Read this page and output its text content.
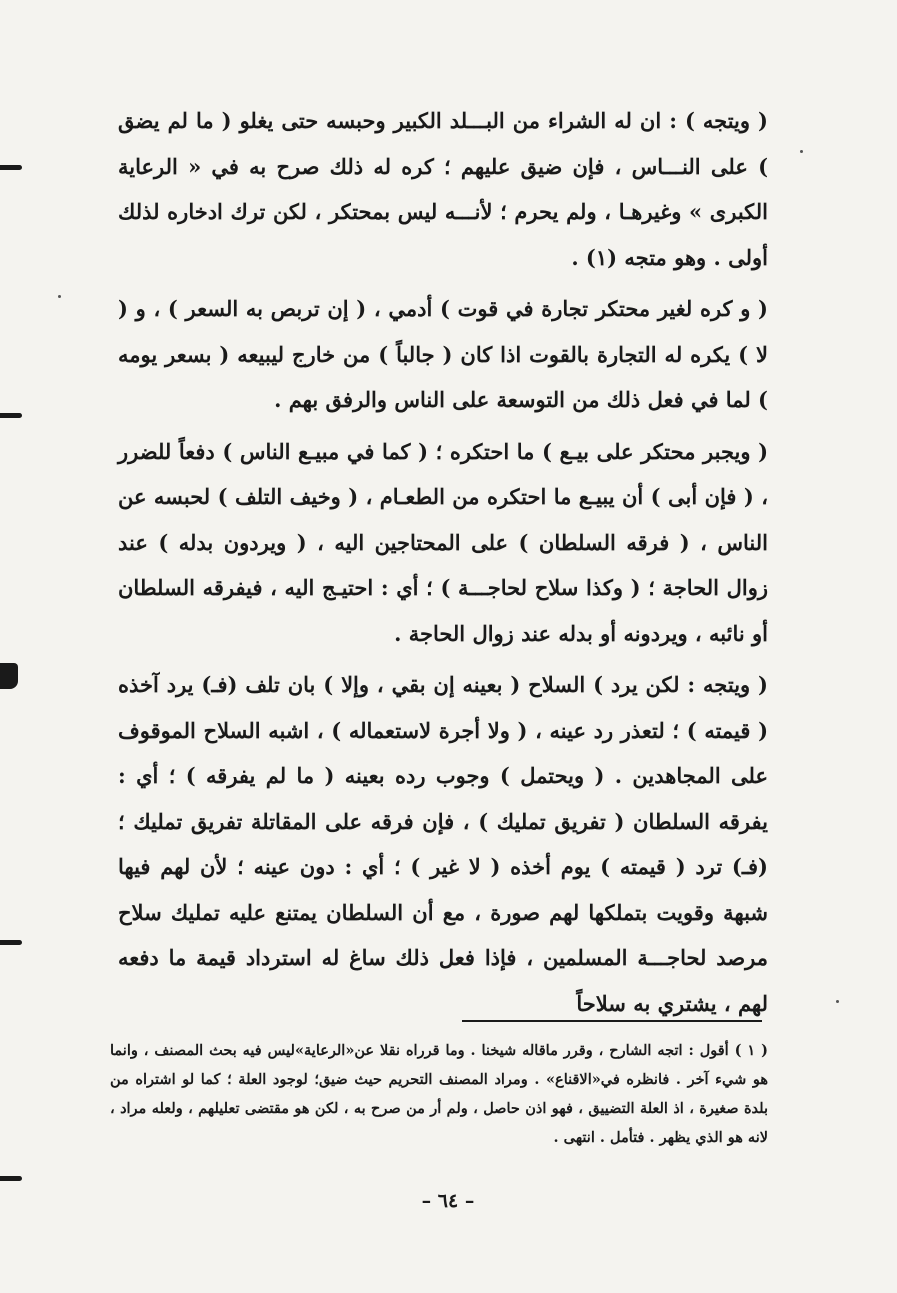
( ويتجه ) : ان له الشراء من البـــلد الكبير وحبسه حتى يغلو ( ما لم يضق ) على النـــاس ، فإن ضيق عليهم ؛ كره له ذلك صرح به في « الرعاية الكبرى » وغيرهـا ، ولم يحرم ؛ لأنـــه ليس بمحتكر ، لكن ترك ادخاره لذلك أولى . وهو متجه (١) .

( و كره لغير محتكر تجارة في قوت ) أدمي ، ( إن تربص به السعر ) ، و ( لا ) يكره له التجارة بالقوت اذا كان ( جالباً ) من خارج ليبيعه ( بسعر يومه ) لما في فعل ذلك من التوسعة على الناس والرفق بهم .

( ويجبر محتكر على بيـع ) ما احتكره ؛ ( كما في مبيـع الناس ) دفعاً للضرر ، ( فإن أبى ) أن يبيـع ما احتكره من الطعـام ، ( وخيف التلف ) لحبسه عن الناس ، ( فرقه السلطان ) على المحتاجين اليه ، ( ويردون بدله ) عند زوال الحاجة ؛ ( وكذا سلاح لحاجـــة ) ؛ أي : احتيـج اليه ، فيفرقه السلطان أو نائبه ، ويردونه أو بدله عند زوال الحاجة .

( ويتجه : لكن يرد ) السلاح ( بعينه إن بقي ، وإلا ) بان تلف (فـ) يرد آخذه ( قيمته ) ؛ لتعذر رد عينه ، ( ولا أجرة لاستعماله ) ، اشبه السلاح الموقوف على المجاهدين . ( ويحتمل ) وجوب رده بعينه ( ما لم يفرقه ) ؛ أي : يفرقه السلطان ( تفريق تمليك ) ، فإن فرقه على المقاتلة تفريق تمليك ؛ (فـ) ترد ( قيمته ) يوم أخذه ( لا غير ) ؛ أي : دون عينه ؛ لأن لهم فيها شبهة وقويت بتملكها لهم صورة ، مع أن السلطان يمتنع عليه تمليك سلاح مرصد لحاجـــة المسلمين ، فإذا فعل ذلك ساغ له استرداد قيمة ما دفعه لهم ، يشتري به سلاحاً

( ١ ) أقول : اتجه الشارح ، وقرر ماقاله شيخنا . وما قرراه نقلا عن«الرعاية»ليس فيه بحث المصنف ، وانما هو شيء آخر . فانظره في«الاقناع» . ومراد المصنف التحريم حيث ضيق؛ لوجود العلة ؛ كما لو اشتراه من بلدة صغيرة ، اذ العلة التضييق ، فهو اذن حاصل ، ولم أر من صرح به ، لكن هو مقتضى تعليلهم ، ولعله مراد ، لانه هو الذي يظهر . فتأمل . انتهى .

– ٦٤ –
